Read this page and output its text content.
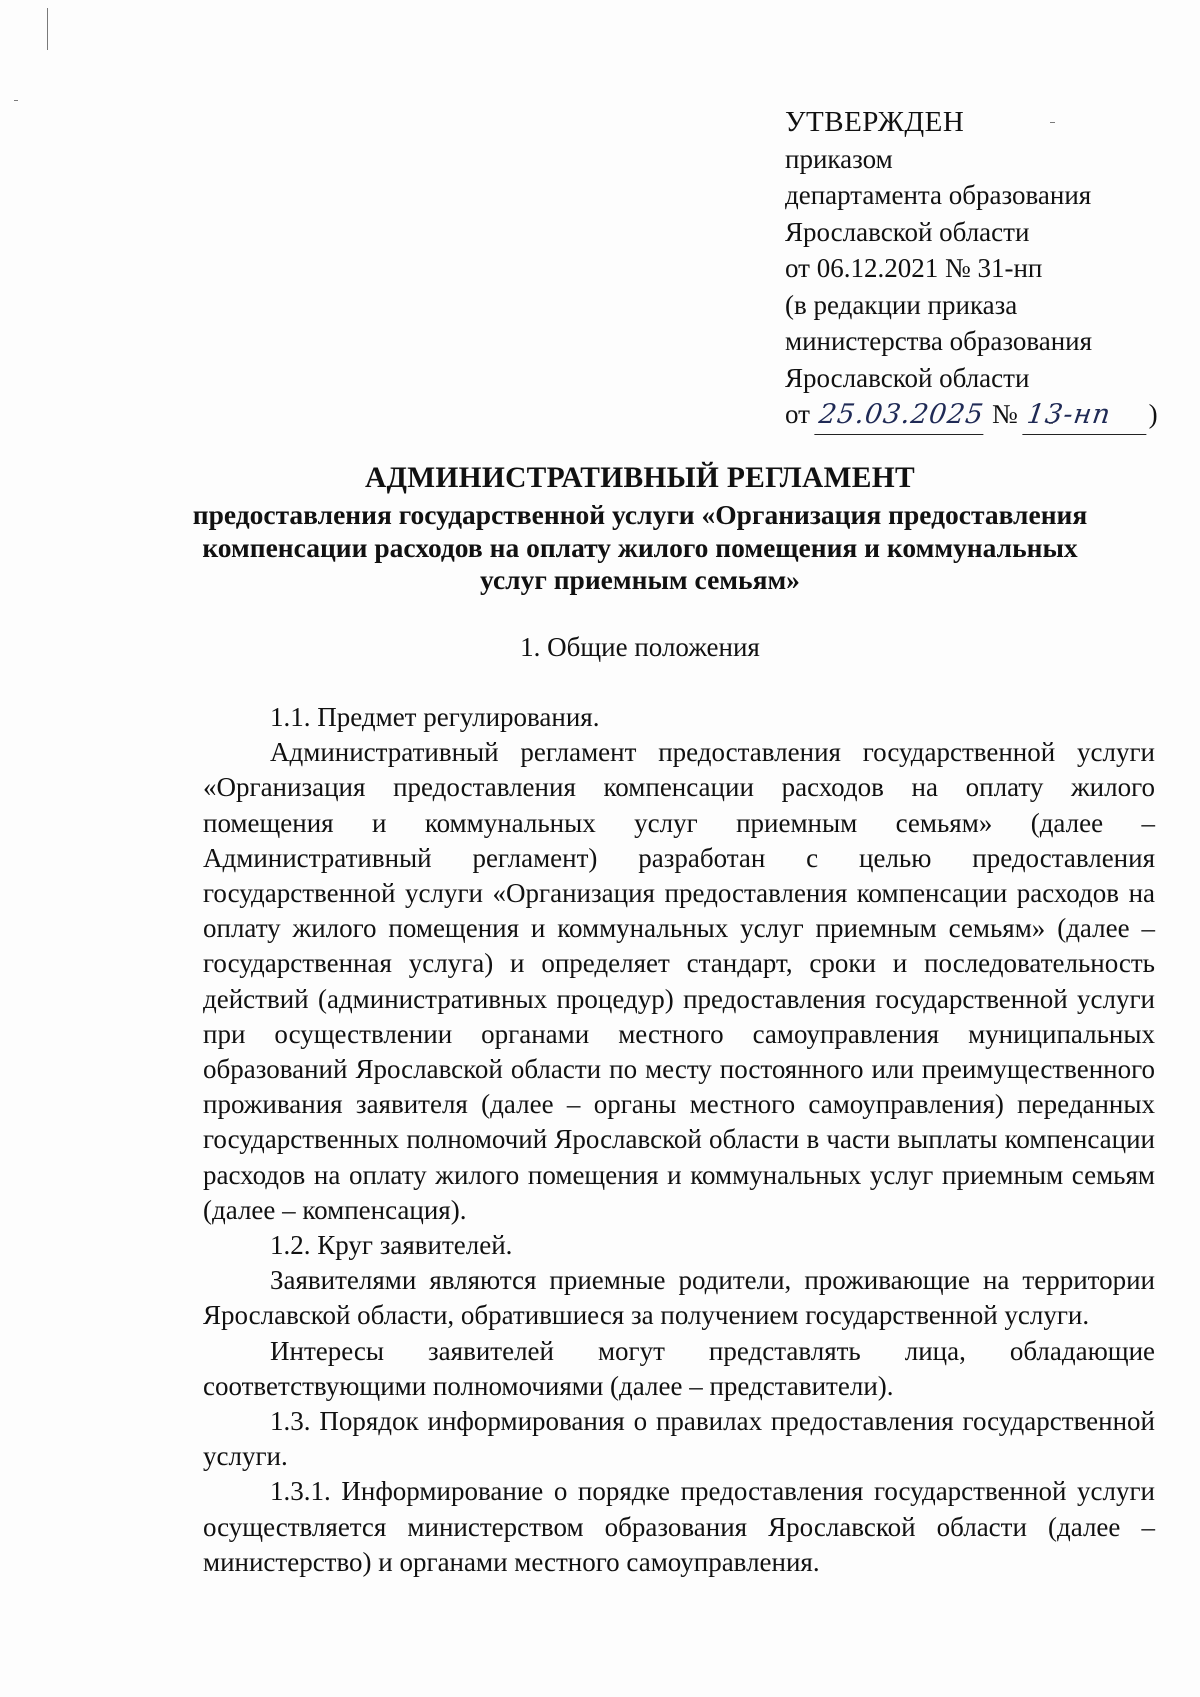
УТВЕРЖДЕН
приказом
департамента образования
Ярославской области
от 06.12.2021 № 31-нп
(в редакции приказа
министерства образования
Ярославской области
от 25.03.2025 № 13-нп )
АДМИНИСТРАТИВНЫЙ РЕГЛАМЕНТ
предоставления государственной услуги «Организация предоставления компенсации расходов на оплату жилого помещения и коммунальных услуг приемным семьям»
1. Общие положения

1.1. Предмет регулирования.

Административный регламент предоставления государственной услуги «Организация предоставления компенсации расходов на оплату жилого помещения и коммунальных услуг приемным семьям» (далее – Административный регламент) разработан с целью предоставления государственной услуги «Организация предоставления компенсации расходов на оплату жилого помещения и коммунальных услуг приемным семьям» (далее – государственная услуга) и определяет стандарт, сроки и последовательность действий (административных процедур) предоставления государственной услуги при осуществлении органами местного самоуправления муниципальных образований Ярославской области по месту постоянного или преимущественного проживания заявителя (далее – органы местного самоуправления) переданных государственных полномочий Ярославской области в части выплаты компенсации расходов на оплату жилого помещения и коммунальных услуг приемным семьям (далее – компенсация).

1.2. Круг заявителей.

Заявителями являются приемные родители, проживающие на территории Ярославской области, обратившиеся за получением государственной услуги.

Интересы заявителей могут представлять лица, обладающие соответствующими полномочиями (далее – представители).

1.3. Порядок информирования о правилах предоставления государственной услуги.

1.3.1. Информирование о порядке предоставления государственной услуги осуществляется министерством образования Ярославской области (далее – министерство) и органами местного самоуправления.
